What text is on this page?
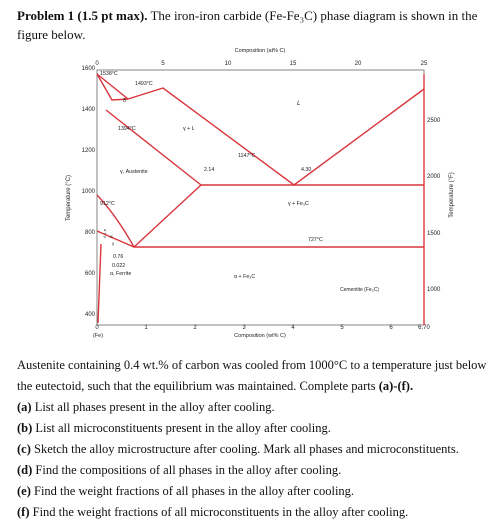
Problem 1 (1.5 pt max). The iron-iron carbide (Fe-Fe₃C) phase diagram is shown in the figure below.
Composition (at% C)
0	5	10	15	20	25
Temperature (°C)
1600
1400
1200
1000
800
600
400
Temperature (°F)
2500
2000
1500
1000
0	1	2	3	4	5	6	6.70
(Fe)	Composition (wt% C)
1538°C
1493°C
δ
1394°C	γ + L
L
1147°C
2.14	4.30
γ, Austenite
912°C	γ + Fe₃C
727°C
0.76
0.022
α, Ferrite	α + Fe₃C
Cementite (Fe₃C)
α
γ
α + γ

Austenite containing 0.4 wt.% of carbon was cooled from 1000°C to a temperature just below the eutectoid, such that the equilibrium was maintained. Complete parts (a)-(f).

(a) List all phases present in the alloy after cooling.

(b) List all microconstituents present in the alloy after cooling.

(c) Sketch the alloy microstructure after cooling. Mark all phases and microconstituents.

(d) Find the compositions of all phases in the alloy after cooling.

(e) Find the weight fractions of all phases in the alloy after cooling.

(f) Find the weight fractions of all microconstituents in the alloy after cooling.
